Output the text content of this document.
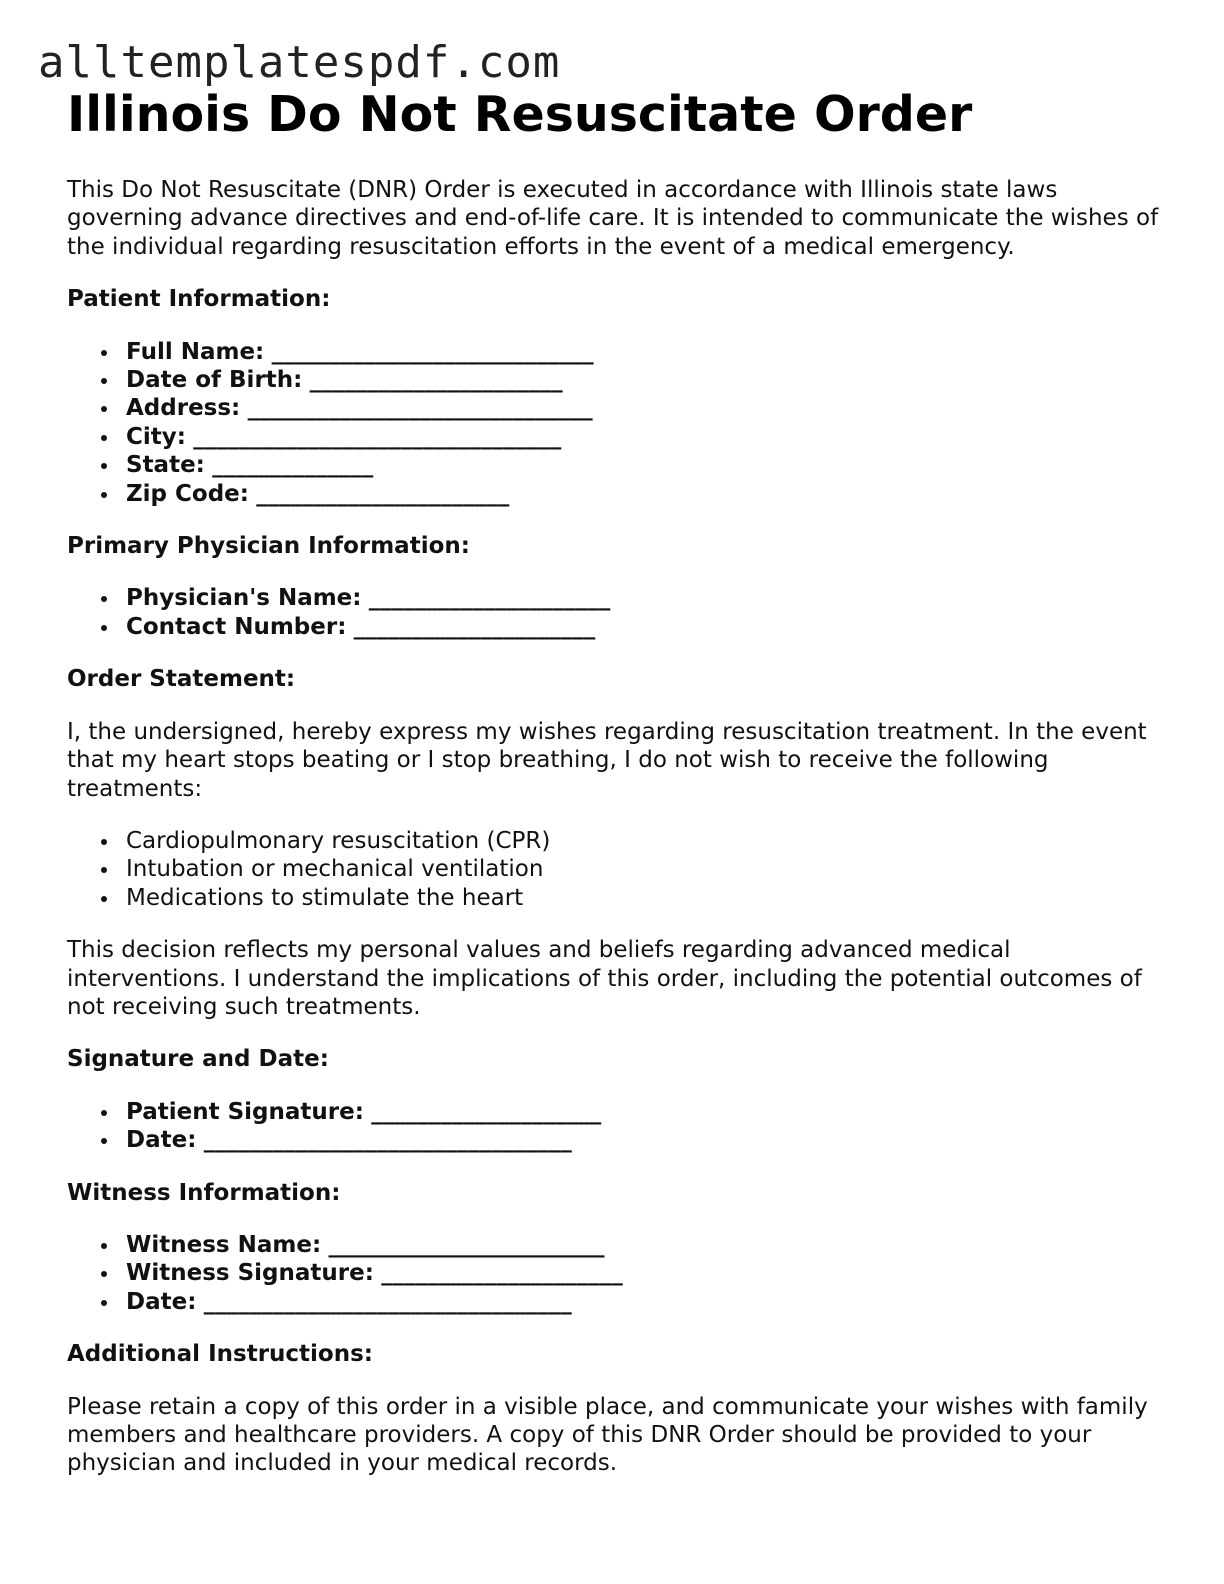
alltemplatespdf.com
Illinois Do Not Resuscitate Order

This Do Not Resuscitate (DNR) Order is executed in accordance with Illinois state laws governing advance directives and end-of-life care. It is intended to communicate the wishes of the individual regarding resuscitation efforts in the event of a medical emergency.

Patient Information:

Full Name: ____________________________
Date of Birth: ______________________
Address: ______________________________
City: ________________________________
State: ______________
Zip Code: ______________________

Primary Physician Information:

Physician's Name: _____________________
Contact Number: _____________________

Order Statement:

I, the undersigned, hereby express my wishes regarding resuscitation treatment. In the event that my heart stops beating or I stop breathing, I do not wish to receive the following treatments:

Cardiopulmonary resuscitation (CPR)
Intubation or mechanical ventilation
Medications to stimulate the heart

This decision reflects my personal values and beliefs regarding advanced medical interventions. I understand the implications of this order, including the potential outcomes of not receiving such treatments.

Signature and Date:

Patient Signature: ____________________
Date: ________________________________

Witness Information:

Witness Name: ________________________
Witness Signature: _____________________
Date: ________________________________

Additional Instructions:

Please retain a copy of this order in a visible place, and communicate your wishes with family members and healthcare providers. A copy of this DNR Order should be provided to your physician and included in your medical records.
